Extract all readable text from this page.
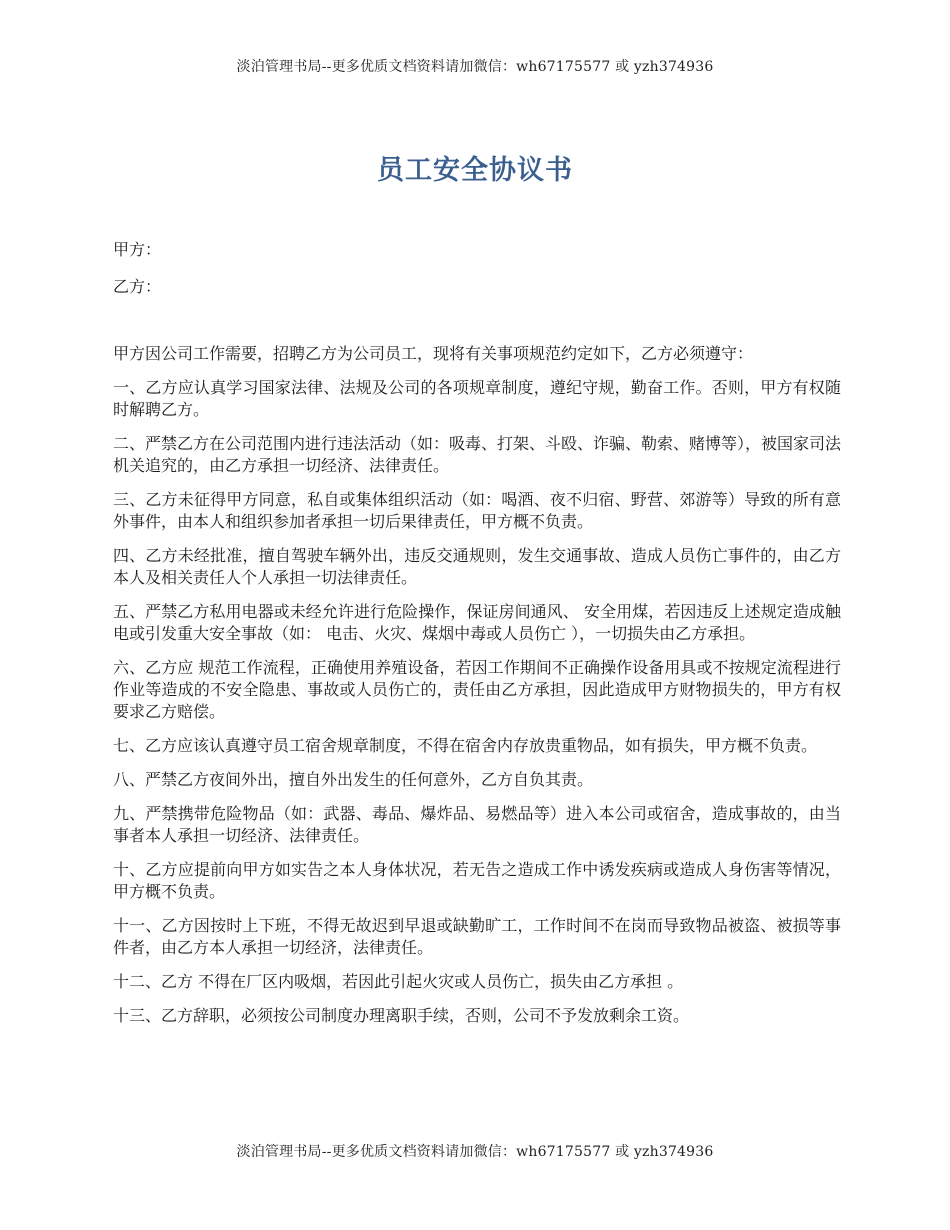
淡泊管理书局--更多优质文档资料请加微信：wh67175577 或 yzh374936
员工安全协议书
甲方：
乙方：

甲方因公司工作需要，招聘乙方为公司员工，现将有关事项规范约定如下，乙方必须遵守：

一、乙方应认真学习国家法律、法规及公司的各项规章制度，遵纪守规，勤奋工作。否则，甲方有权随时解聘乙方。

二、严禁乙方在公司范围内进行违法活动（如：吸毒、打架、斗殴、诈骗、勒索、赌博等），被国家司法机关追究的，由乙方承担一切经济、法律责任。

三、乙方未征得甲方同意，私自或集体组织活动（如：喝酒、夜不归宿、野营、郊游等）导致的所有意外事件，由本人和组织参加者承担一切后果律责任，甲方概不负责。

四、乙方未经批准，擅自驾驶车辆外出，违反交通规则，发生交通事故、造成人员伤亡事件的，由乙方本人及相关责任人个人承担一切法律责任。

五、严禁乙方私用电器或未经允许进行危险操作，保证房间通风、 安全用煤，若因违反上述规定造成触电或引发重大安全事故（如： 电击、火灾、煤烟中毒或人员伤亡 ），一切损失由乙方承担。

六、乙方应 规范工作流程，正确使用养殖设备，若因工作期间不正确操作设备用具或不按规定流程进行作业等造成的不安全隐患、事故或人员伤亡的，责任由乙方承担，因此造成甲方财物损失的，甲方有权要求乙方赔偿。

七、乙方应该认真遵守员工宿舍规章制度，不得在宿舍内存放贵重物品，如有损失，甲方概不负责。

八、严禁乙方夜间外出，擅自外出发生的任何意外，乙方自负其责。

九、严禁携带危险物品（如：武器、毒品、爆炸品、易燃品等）进入本公司或宿舍，造成事故的，由当事者本人承担一切经济、法律责任。

十、乙方应提前向甲方如实告之本人身体状况，若无告之造成工作中诱发疾病或造成人身伤害等情况，甲方概不负责。

十一、乙方因按时上下班，不得无故迟到早退或缺勤旷工，工作时间不在岗而导致物品被盗、被损等事件者，由乙方本人承担一切经济，法律责任。

十二、乙方 不得在厂区内吸烟，若因此引起火灾或人员伤亡，损失由乙方承担 。

十三、乙方辞职，必须按公司制度办理离职手续，否则，公司不予发放剩余工资。

淡泊管理书局--更多优质文档资料请加微信：wh67175577 或 yzh374936
